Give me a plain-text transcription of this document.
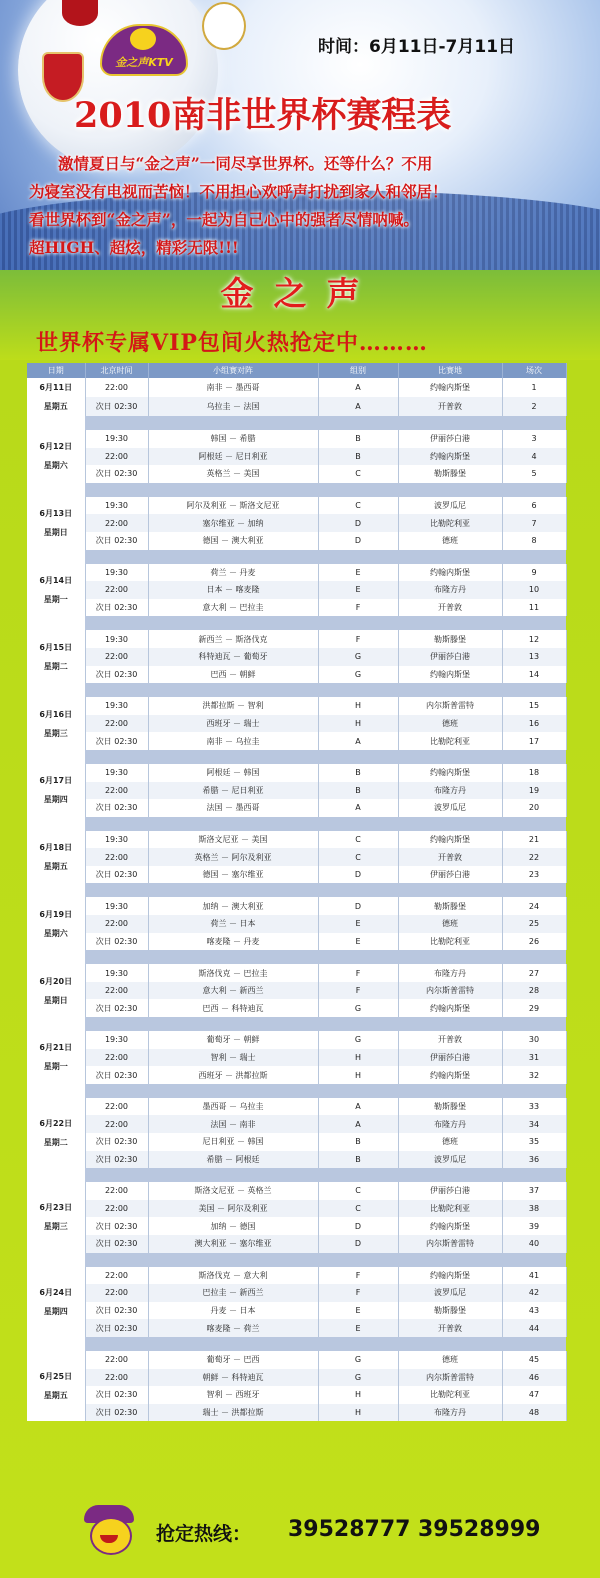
金之声KTV
时间：6月11日-7月11日
2010南非世界杯赛程表
激情夏日与“金之声”一同尽享世界杯。还等什么？不用
为寝室没有电视而苦恼！不用担心欢呼声打扰到家人和邻居！
看世界杯到“金之声”，一起为自己心中的强者尽情呐喊。
超HIGH、超炫，精彩无限!!!
金之声
世界杯专属VIP包间火热抢定中………
日期	北京时间	小组赛对阵	组别	比赛地	场次

6月11日
星期五	22:00	南非 － 墨西哥	A	约翰内斯堡	1
	次日 02:30	乌拉圭 － 法国	A	开普敦	2

6月12日
星期六	19:30	韩国 － 希腊	B	伊丽莎白港	3
	22:00	阿根廷 － 尼日利亚	B	约翰内斯堡	4
	次日 02:30	英格兰 － 美国	C	勒斯滕堡	5

6月13日
星期日	19:30	阿尔及利亚 － 斯洛文尼亚	C	波罗瓜尼	6
	22:00	塞尔维亚 － 加纳	D	比勒陀利亚	7
	次日 02:30	德国 － 澳大利亚	D	德班	8

6月14日
星期一	19:30	荷兰 － 丹麦	E	约翰内斯堡	9
	22:00	日本 － 喀麦隆	E	布隆方丹	10
	次日 02:30	意大利 － 巴拉圭	F	开普敦	11

6月15日
星期二	19:30	新西兰 － 斯洛伐克	F	勒斯滕堡	12
	22:00	科特迪瓦 － 葡萄牙	G	伊丽莎白港	13
	次日 02:30	巴西 － 朝鲜	G	约翰内斯堡	14

6月16日
星期三	19:30	洪都拉斯 － 智利	H	内尔斯普雷特	15
	22:00	西班牙 － 瑞士	H	德班	16
	次日 02:30	南非 － 乌拉圭	A	比勒陀利亚	17

6月17日
星期四	19:30	阿根廷 － 韩国	B	约翰内斯堡	18
	22:00	希腊 － 尼日利亚	B	布隆方丹	19
	次日 02:30	法国 － 墨西哥	A	波罗瓜尼	20

6月18日
星期五	19:30	斯洛文尼亚 － 美国	C	约翰内斯堡	21
	22:00	英格兰 － 阿尔及利亚	C	开普敦	22
	次日 02:30	德国 － 塞尔维亚	D	伊丽莎白港	23

6月19日
星期六	19:30	加纳 － 澳大利亚	D	勒斯滕堡	24
	22:00	荷兰 － 日本	E	德班	25
	次日 02:30	喀麦隆 － 丹麦	E	比勒陀利亚	26

6月20日
星期日	19:30	斯洛伐克 － 巴拉圭	F	布隆方丹	27
	22:00	意大利 － 新西兰	F	内尔斯普雷特	28
	次日 02:30	巴西 － 科特迪瓦	G	约翰内斯堡	29

6月21日
星期一	19:30	葡萄牙 － 朝鲜	G	开普敦	30
	22:00	智利 － 瑞士	H	伊丽莎白港	31
	次日 02:30	西班牙 － 洪都拉斯	H	约翰内斯堡	32

6月22日
星期二	22:00	墨西哥 － 乌拉圭	A	勒斯滕堡	33
	22:00	法国 － 南非	A	布隆方丹	34
	次日 02:30	尼日利亚 － 韩国	B	德班	35
	次日 02:30	希腊 － 阿根廷	B	波罗瓜尼	36

6月23日
星期三	22:00	斯洛文尼亚 － 英格兰	C	伊丽莎白港	37
	22:00	美国 － 阿尔及利亚	C	比勒陀利亚	38
	次日 02:30	加纳 － 德国	D	约翰内斯堡	39
	次日 02:30	澳大利亚 － 塞尔维亚	D	内尔斯普雷特	40

6月24日
星期四	22:00	斯洛伐克 － 意大利	F	约翰内斯堡	41
	22:00	巴拉圭 － 新西兰	F	波罗瓜尼	42
	次日 02:30	丹麦 － 日本	E	勒斯滕堡	43
	次日 02:30	喀麦隆 － 荷兰	E	开普敦	44

6月25日
星期五	22:00	葡萄牙 － 巴西	G	德班	45
	22:00	朝鲜 － 科特迪瓦	G	内尔斯普雷特	46
	次日 02:30	智利 － 西班牙	H	比勒陀利亚	47
	次日 02:30	瑞士 － 洪都拉斯	H	布隆方丹	48
抢定热线： 39528777 39528999
